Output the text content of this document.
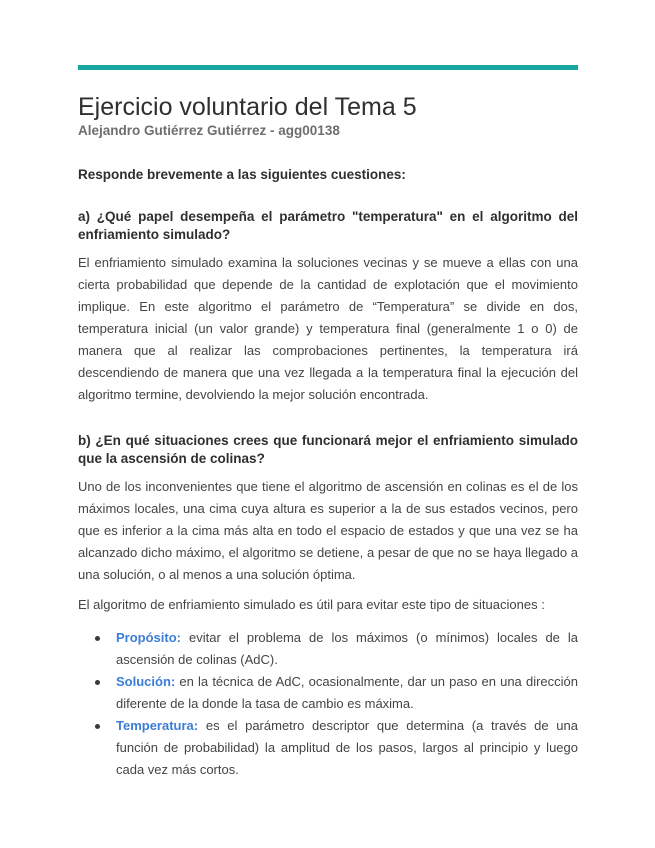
Ejercicio voluntario del Tema 5

Alejandro Gutiérrez Gutiérrez - agg00138

Responde brevemente a las siguientes cuestiones:

a) ¿Qué papel desempeña el parámetro "temperatura" en el algoritmo del enfriamiento simulado?

El enfriamiento simulado examina la soluciones vecinas y se mueve a ellas con una cierta probabilidad que depende de la cantidad de explotación que el movimiento implique. En este algoritmo el parámetro de “Temperatura” se divide en dos, temperatura inicial (un valor grande) y temperatura final (generalmente 1 o 0) de manera que al realizar las comprobaciones pertinentes, la temperatura irá descendiendo de manera que una vez llegada a la temperatura final la ejecución del algoritmo termine, devolviendo la mejor solución encontrada.

b) ¿En qué situaciones crees que funcionará mejor el enfriamiento simulado que la ascensión de colinas?

Uno de los inconvenientes que tiene el algoritmo de ascensión en colinas es el de los máximos locales, una cima cuya altura es superior a la de sus estados vecinos, pero que es inferior a la cima más alta en todo el espacio de estados y que una vez se ha alcanzado dicho máximo, el algoritmo se detiene, a pesar de que no se haya llegado a una solución, o al menos a una solución óptima.

El algoritmo de enfriamiento simulado es útil para evitar este tipo de situaciones :

Propósito: evitar el problema de los máximos (o mínimos) locales de la ascensión de colinas (AdC).
Solución: en la técnica de AdC, ocasionalmente, dar un paso en una dirección diferente de la donde la tasa de cambio es máxima.
Temperatura: es el parámetro descriptor que determina (a través de una función de probabilidad) la amplitud de los pasos, largos al principio y luego cada vez más cortos.
